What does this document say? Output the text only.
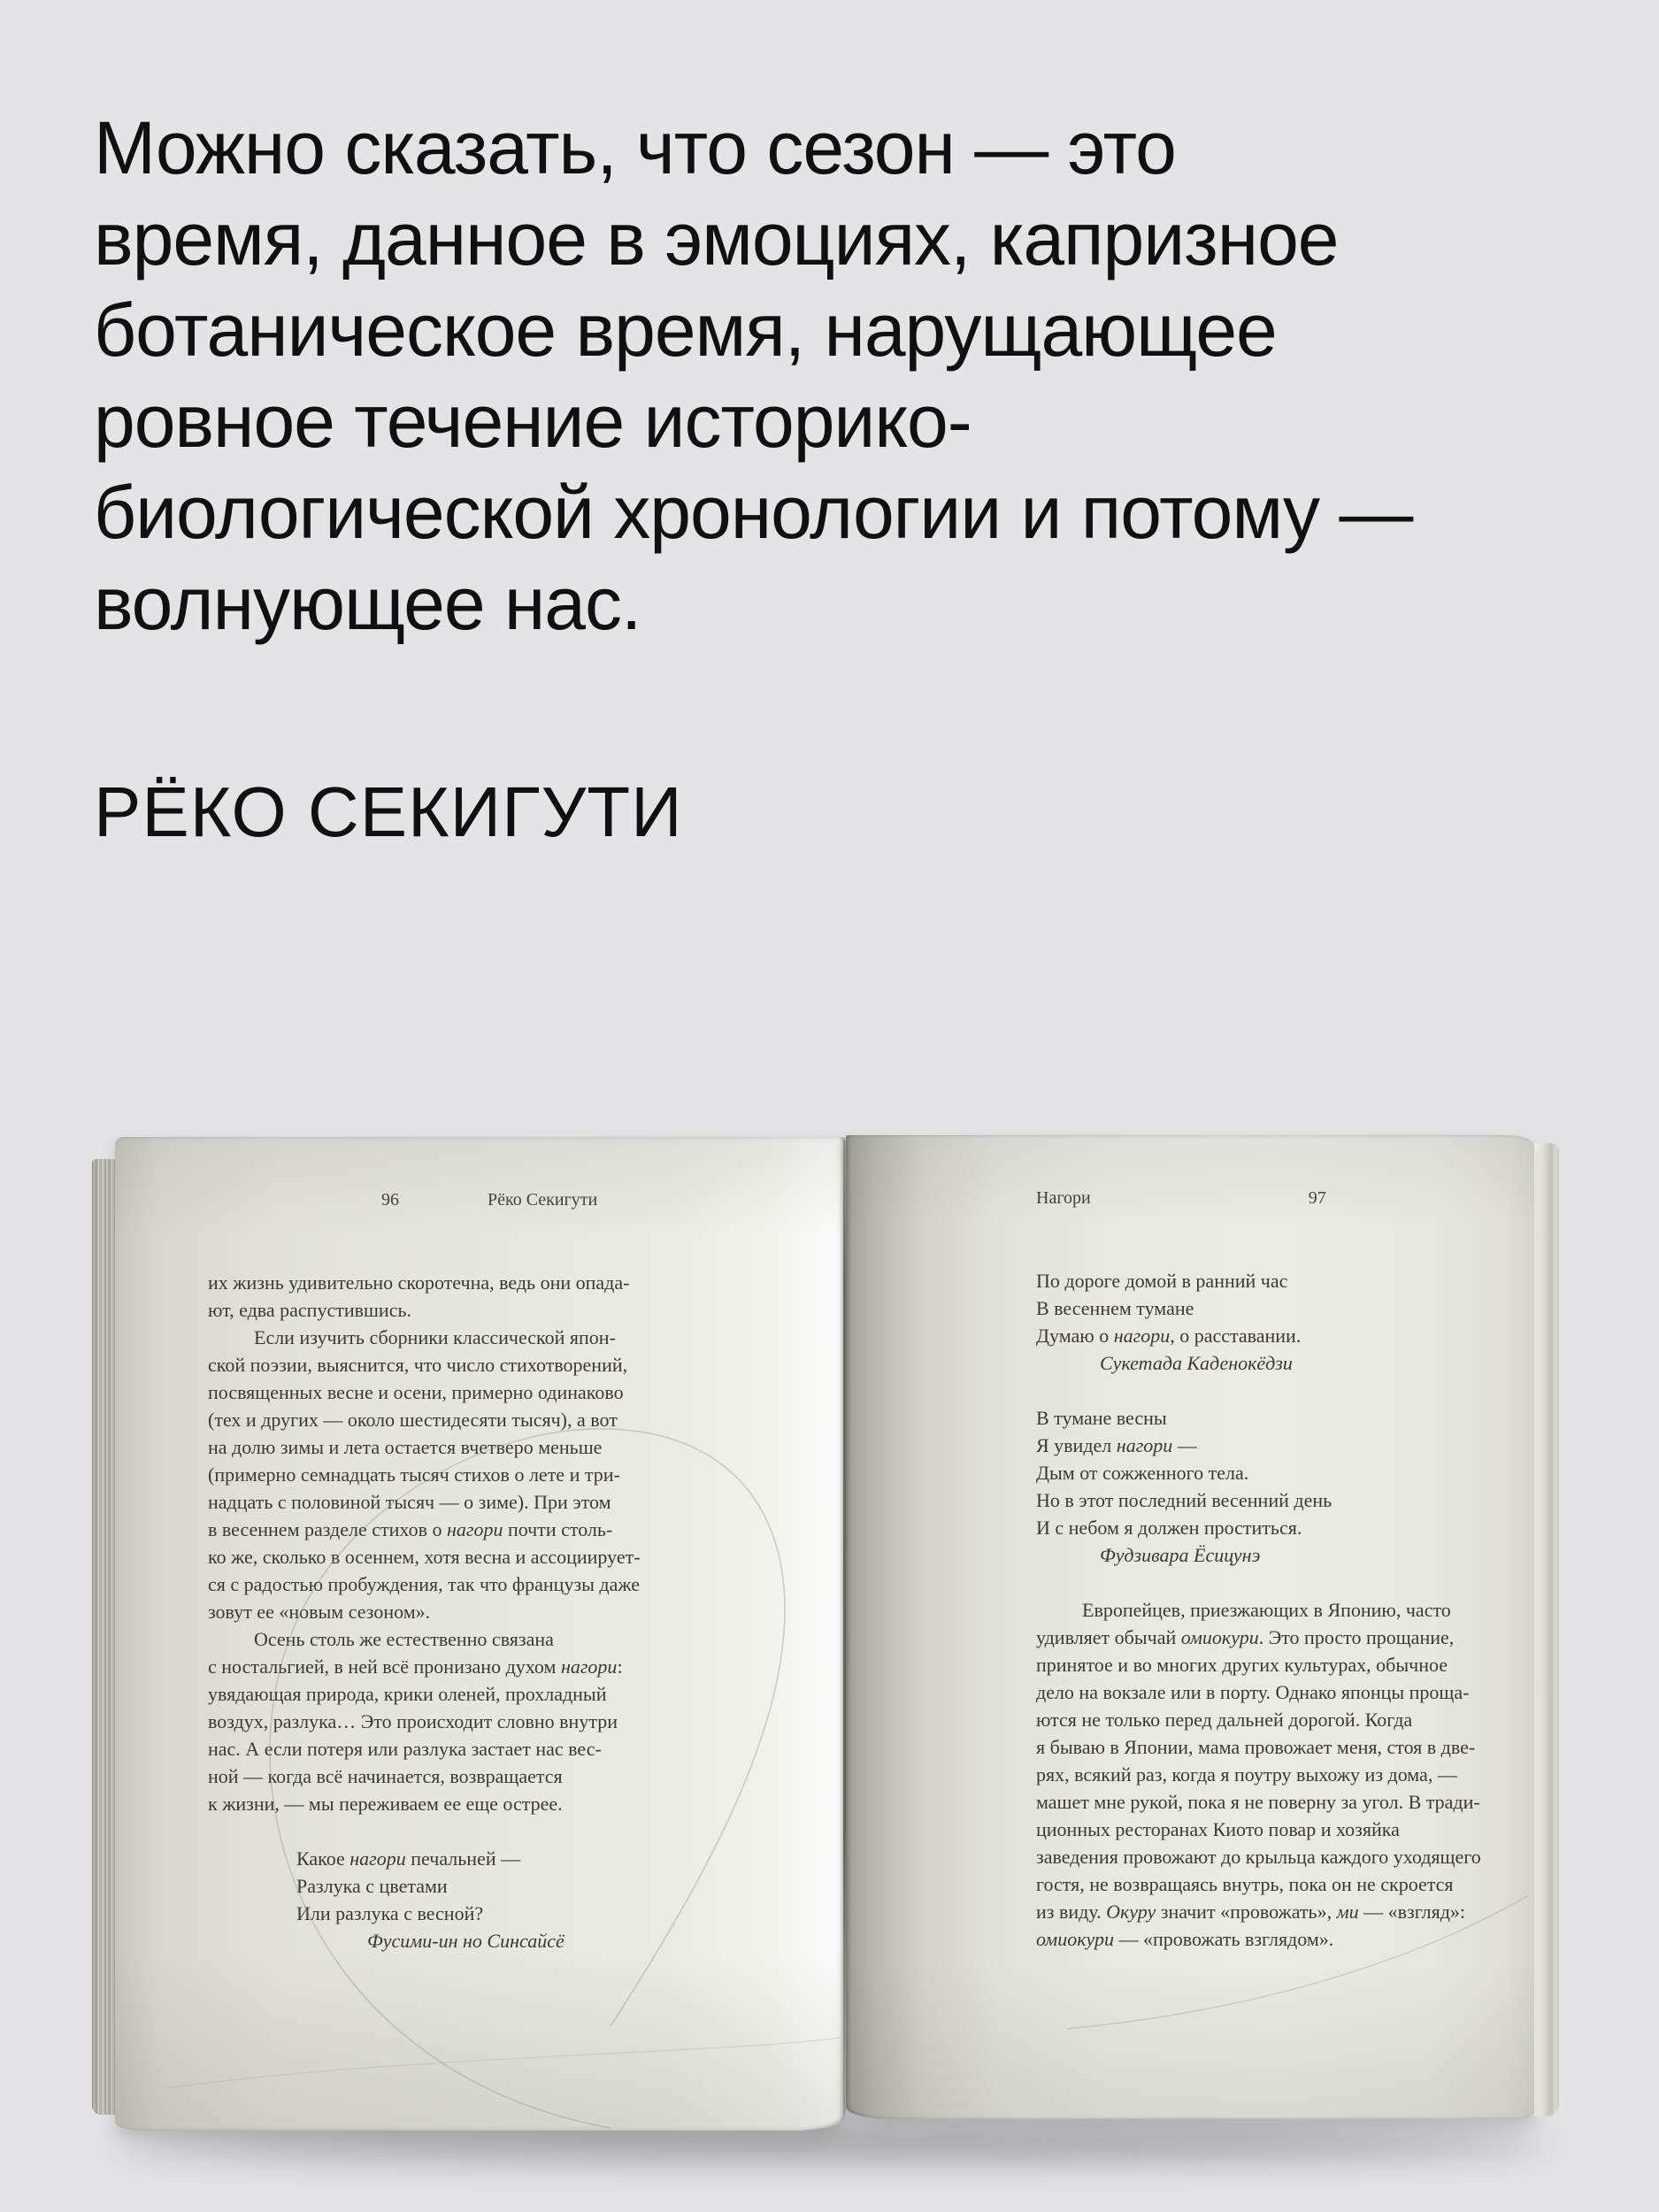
Можно сказать, что сезон — это
время, данное в эмоциях, капризное
ботаническое время, нарущающее
ровное течение историко-
биологической хронологии и потому —
волнующее нас.
РЁКО СЕКИГУТИ
96	Рёко Секигути
их жизнь удивительно скоротечна, ведь они опада-
ют, едва распустившись.
Если изучить сборники классической япон-
ской поэзии, выяснится, что число стихотворений,
посвященных весне и осени, примерно одинаково
(тех и других — около шестидесяти тысяч), а вот
на долю зимы и лета остается вчетверо меньше
(примерно семнадцать тысяч стихов о лете и три-
надцать с половиной тысяч — о зиме). При этом
в весеннем разделе стихов о нагори почти столь-
ко же, сколько в осеннем, хотя весна и ассоциирует-
ся с радостью пробуждения, так что французы даже
зовут ее «новым сезоном».
Осень столь же естественно связана
с ностальгией, в ней всё пронизано духом нагори:
увядающая природа, крики оленей, прохладный
воздух, разлука… Это происходит словно внутри
нас. А если потеря или разлука застает нас вес-
ной — когда всё начинается, возвращается
к жизни, — мы переживаем ее еще острее.
Какое нагори печальней —
Разлука с цветами
Или разлука с весной?
Фусими-ин но Синсайсё
Нагори	97
По дороге домой в ранний час
В весеннем тумане
Думаю о нагори, о расставании.
Сукетада Каденокёдзи
В тумане весны
Я увидел нагори —
Дым от сожженного тела.
Но в этот последний весенний день
И с небом я должен проститься.
Фудзивара Ёсицунэ
Европейцев, приезжающих в Японию, часто
удивляет обычай омиокури. Это просто прощание,
принятое и во многих других культурах, обычное
дело на вокзале или в порту. Однако японцы проща-
ются не только перед дальней дорогой. Когда
я бываю в Японии, мама провожает меня, стоя в две-
рях, всякий раз, когда я поутру выхожу из дома, —
машет мне рукой, пока я не поверну за угол. В тради-
ционных ресторанах Киото повар и хозяйка
заведения провожают до крыльца каждого уходящего
гостя, не возвращаясь внутрь, пока он не скроется
из виду. Окуру значит «провожать», ми — «взгляд»:
омиокури — «провожать взглядом».
